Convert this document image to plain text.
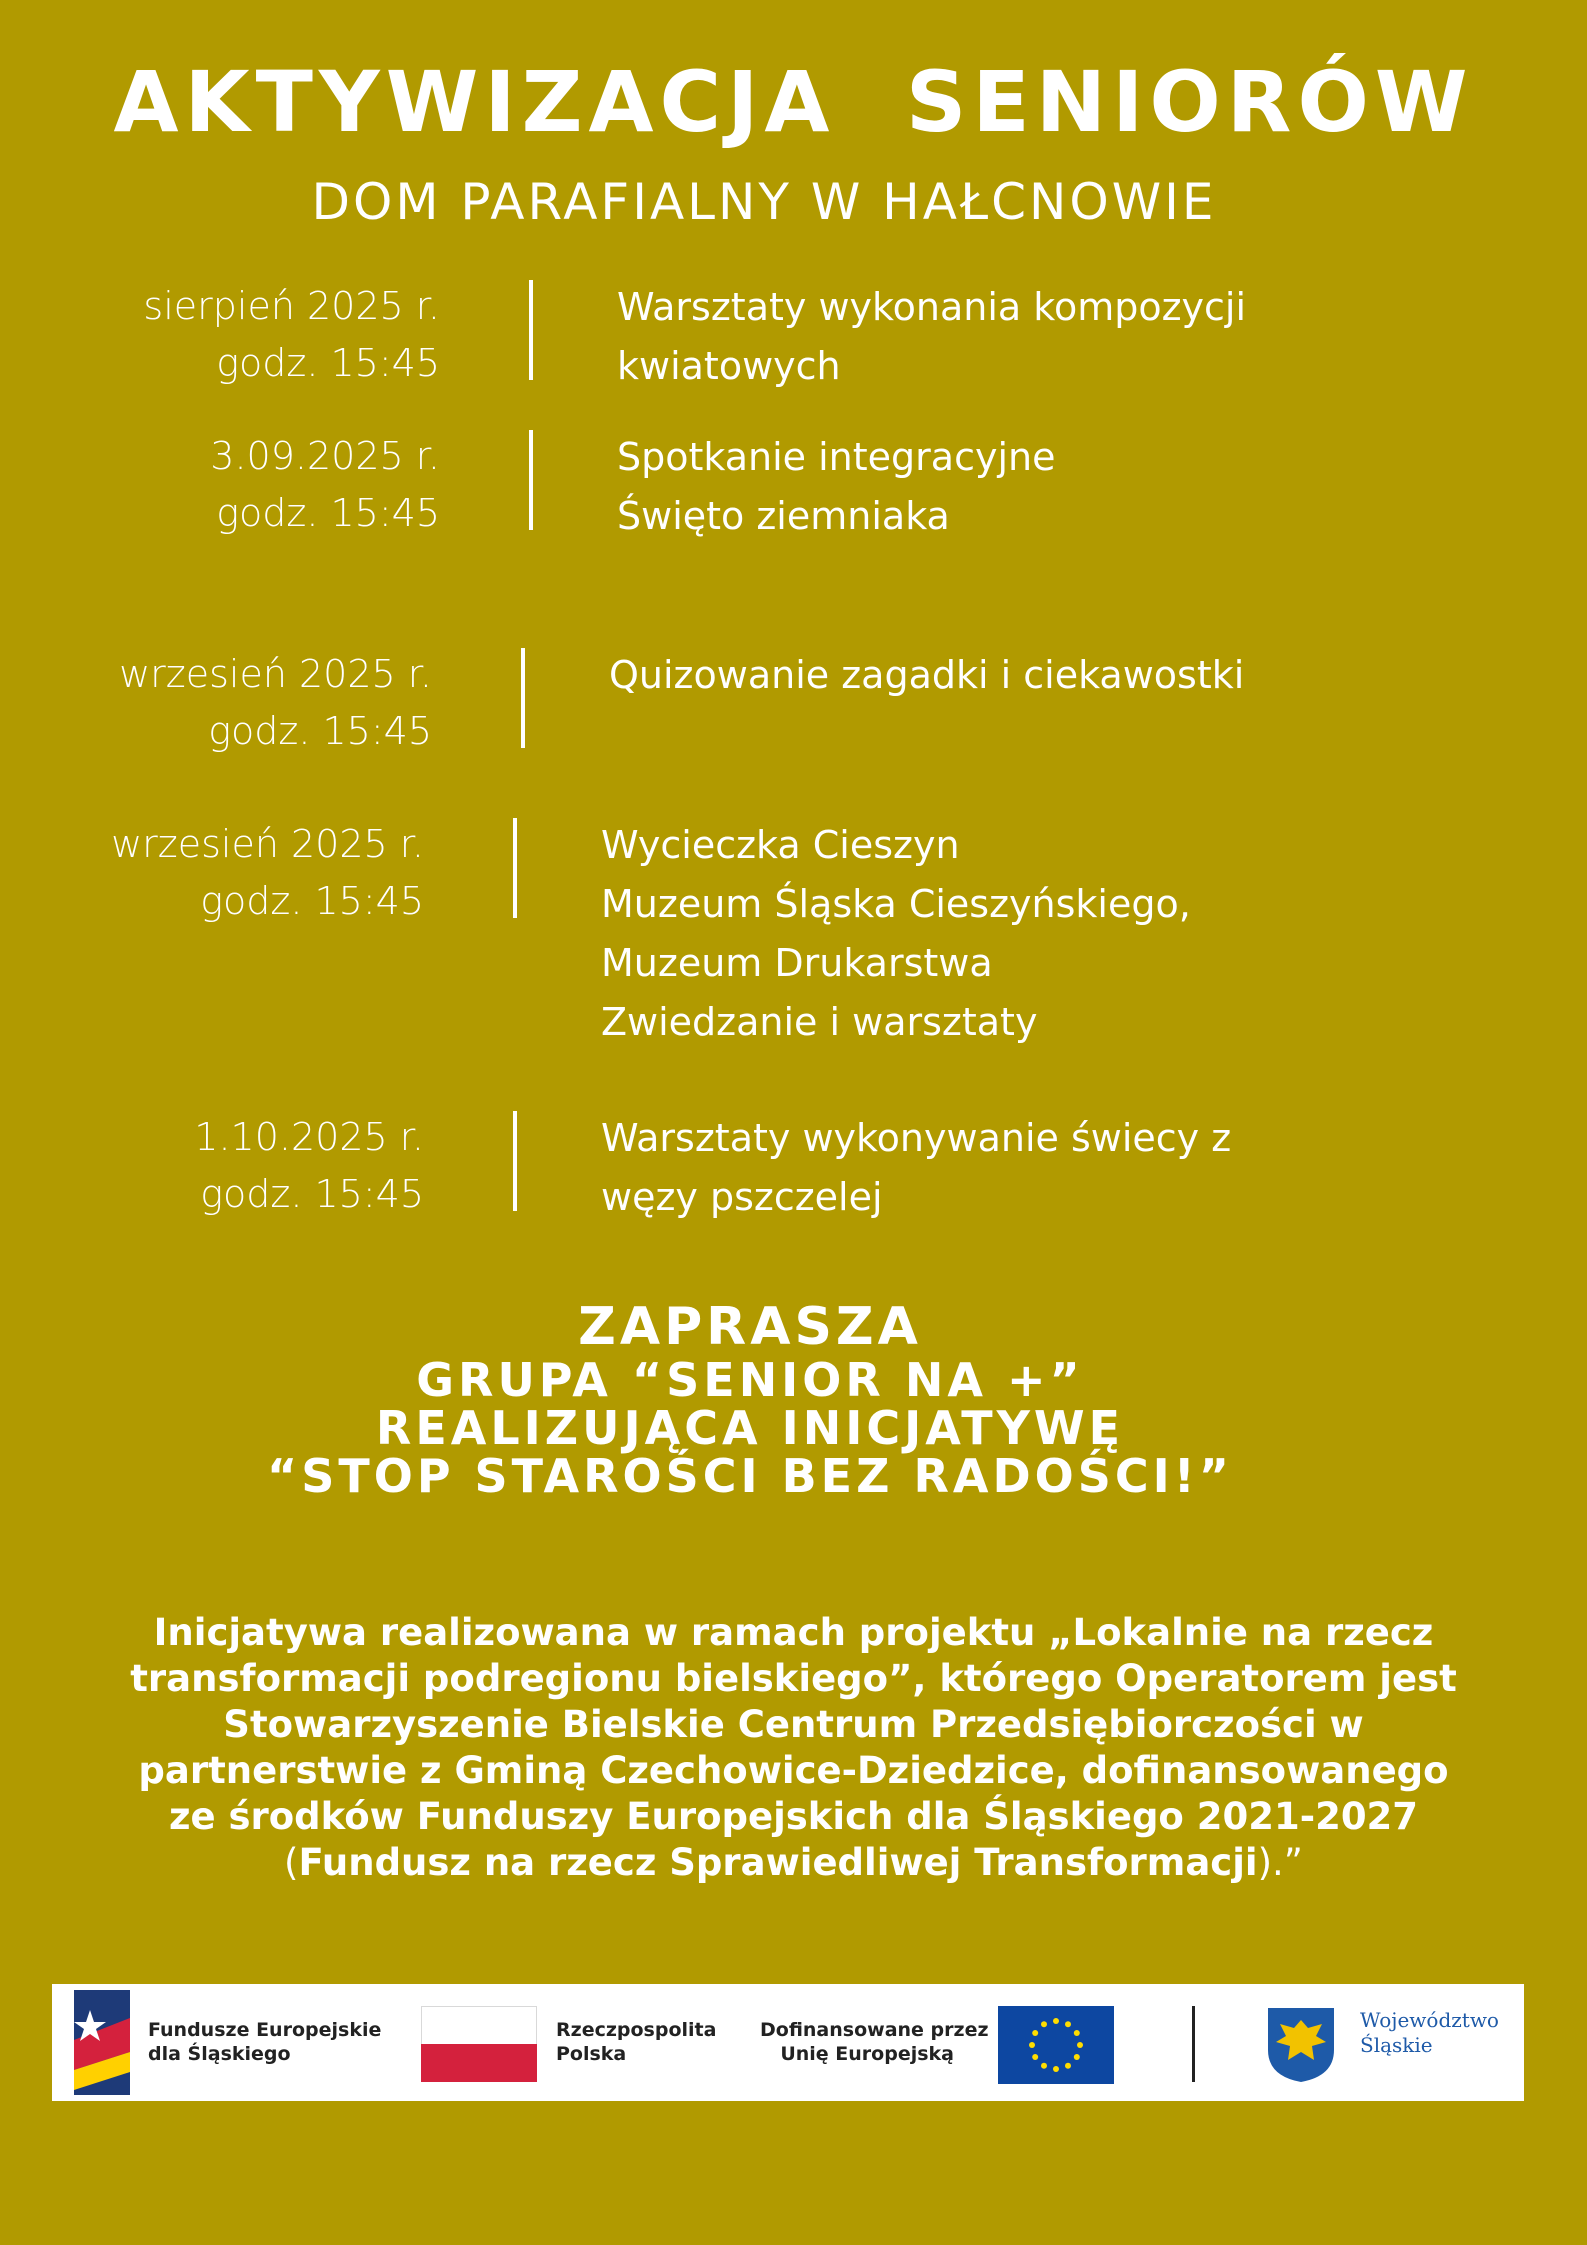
AKTYWIZACJA  SENIORÓW
DOM PARAFIALNY W HAŁCNOWIE
sierpień 2025 r.
godz. 15:45
Warsztaty wykonania kompozycji
kwiatowych
3.09.2025 r.
godz. 15:45
Spotkanie integracyjne
Święto ziemniaka
wrzesień 2025 r.
godz. 15:45
Quizowanie zagadki i ciekawostki
wrzesień 2025 r.
godz. 15:45
Wycieczka Cieszyn
Muzeum Śląska Cieszyńskiego,
Muzeum Drukarstwa
Zwiedzanie i warsztaty
1.10.2025 r.
godz. 15:45
Warsztaty wykonywanie świecy z
węzy pszczelej
ZAPRASZA
GRUPA “SENIOR NA +”
REALIZUJĄCA INICJATYWĘ
“STOP STAROŚCI BEZ RADOŚCI!”
Inicjatywa realizowana w ramach projektu „Lokalnie na rzecz
transformacji podregionu bielskiego”, którego Operatorem jest
Stowarzyszenie Bielskie Centrum Przedsiębiorczości w
partnerstwie z Gminą Czechowice-Dziedzice, dofinansowanego
ze środków Funduszy Europejskich dla Śląskiego 2021-2027
(Fundusz na rzecz Sprawiedliwej Transformacji).”
Fundusze Europejskie
dla Śląskiego
Rzeczpospolita
Polska
Dofinansowane przez
Unię Europejską
Województwo
Śląskie
